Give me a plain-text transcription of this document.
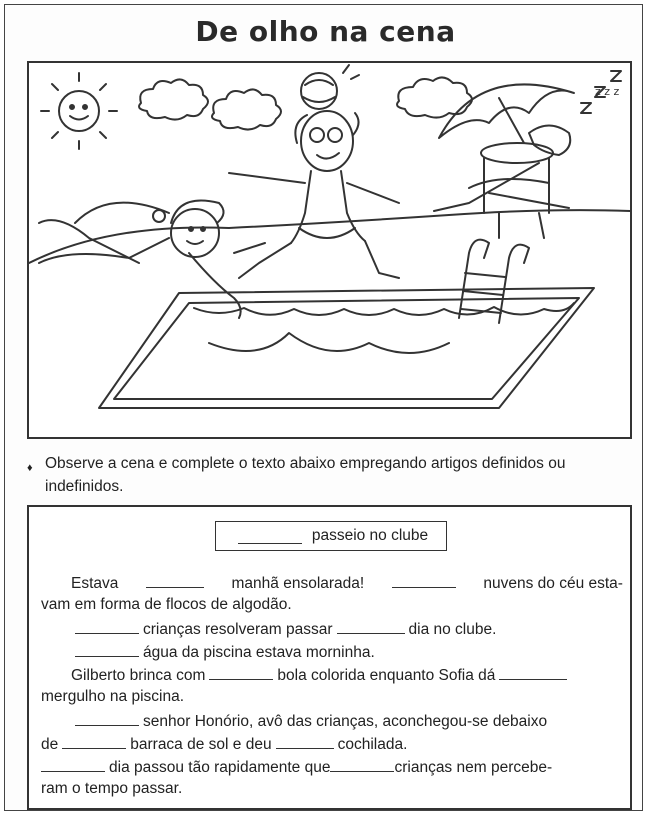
De olho na cena
z z z
♦ Observe a cena e complete o texto abaixo empregando artigos definidos ou indefinidos.
passeio no clube
Estava	manhã ensolarada!	nuvens do céu esta-
vam em forma de flocos de algodão.
crianças resolveram passar	dia no clube.
água da piscina estava morninha.
Gilberto brinca com	bola colorida enquanto Sofia dá
mergulho na piscina.
senhor Honório, avô das crianças, aconchegou-se debaixo
de	barraca de sol e deu	cochilada.
dia passou tão rapidamente que	crianças nem percebe-
ram o tempo passar.
